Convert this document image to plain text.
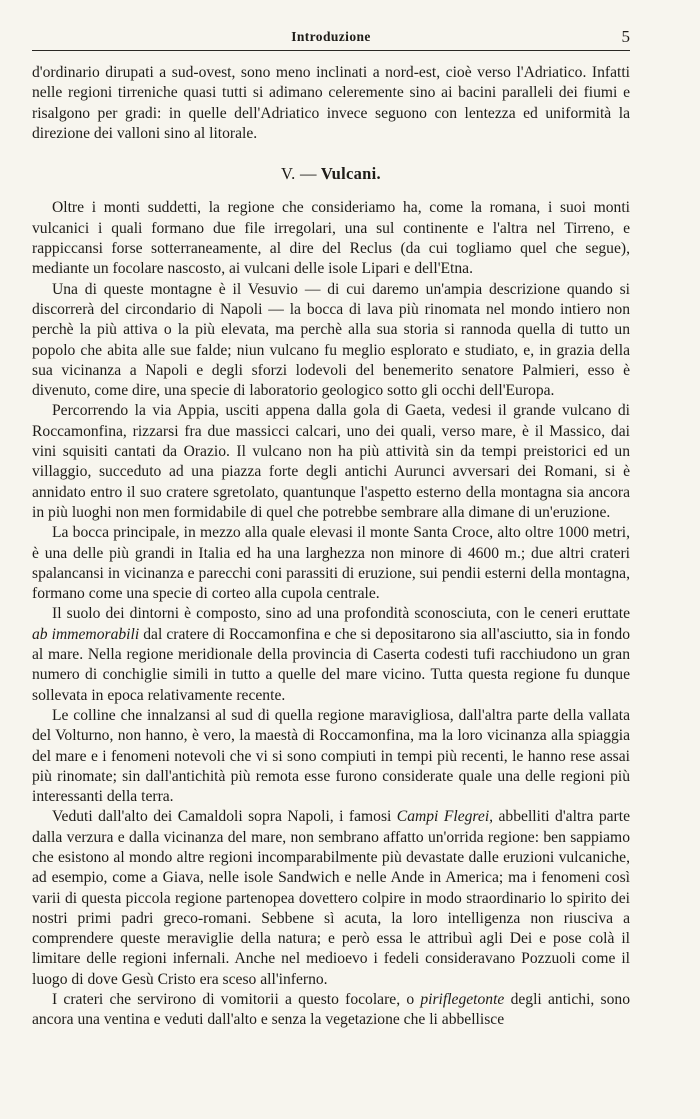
Introduzione	5

d'ordinario dirupati a sud-ovest, sono meno inclinati a nord-est, cioè verso l'Adriatico. Infatti nelle regioni tirreniche quasi tutti si adimano celeremente sino ai bacini paralleli dei fiumi e risalgono per gradi: in quelle dell'Adriatico invece seguono con lentezza ed uniformità la direzione dei valloni sino al litorale.

V. — Vulcani.

Oltre i monti suddetti, la regione che consideriamo ha, come la romana, i suoi monti vulcanici i quali formano due file irregolari, una sul continente e l'altra nel Tirreno, e rappiccansi forse sotterraneamente, al dire del Reclus (da cui togliamo quel che segue), mediante un focolare nascosto, ai vulcani delle isole Lipari e dell'Etna.

Una di queste montagne è il Vesuvio — di cui daremo un'ampia descrizione quando si discorrerà del circondario di Napoli — la bocca di lava più rinomata nel mondo intiero non perchè la più attiva o la più elevata, ma perchè alla sua storia si rannoda quella di tutto un popolo che abita alle sue falde; niun vulcano fu meglio esplorato e studiato, e, in grazia della sua vicinanza a Napoli e degli sforzi lodevoli del benemerito senatore Palmieri, esso è divenuto, come dire, una specie di laboratorio geologico sotto gli occhi dell'Europa.

Percorrendo la via Appia, usciti appena dalla gola di Gaeta, vedesi il grande vulcano di Roccamonfina, rizzarsi fra due massicci calcari, uno dei quali, verso mare, è il Massico, dai vini squisiti cantati da Orazio. Il vulcano non ha più attività sin da tempi preistorici ed un villaggio, succeduto ad una piazza forte degli antichi Aurunci avversari dei Romani, si è annidato entro il suo cratere sgretolato, quantunque l'aspetto esterno della montagna sia ancora in più luoghi non men formidabile di quel che potrebbe sembrare alla dimane di un'eruzione.

La bocca principale, in mezzo alla quale elevasi il monte Santa Croce, alto oltre 1000 metri, è una delle più grandi in Italia ed ha una larghezza non minore di 4600 m.; due altri crateri spalancansi in vicinanza e parecchi coni parassiti di eruzione, sui pendii esterni della montagna, formano come una specie di corteo alla cupola centrale.

Il suolo dei dintorni è composto, sino ad una profondità sconosciuta, con le ceneri eruttate ab immemorabili dal cratere di Roccamonfina e che si depositarono sia all'asciutto, sia in fondo al mare. Nella regione meridionale della provincia di Caserta codesti tufi racchiudono un gran numero di conchiglie simili in tutto a quelle del mare vicino. Tutta questa regione fu dunque sollevata in epoca relativamente recente.

Le colline che innalzansi al sud di quella regione maravigliosa, dall'altra parte della vallata del Volturno, non hanno, è vero, la maestà di Roccamonfina, ma la loro vicinanza alla spiaggia del mare e i fenomeni notevoli che vi si sono compiuti in tempi più recenti, le hanno rese assai più rinomate; sin dall'antichità più remota esse furono considerate quale una delle regioni più interessanti della terra.

Veduti dall'alto dei Camaldoli sopra Napoli, i famosi Campi Flegrei, abbelliti d'altra parte dalla verzura e dalla vicinanza del mare, non sembrano affatto un'orrida regione: ben sappiamo che esistono al mondo altre regioni incomparabilmente più devastate dalle eruzioni vulcaniche, ad esempio, come a Giava, nelle isole Sandwich e nelle Ande in America; ma i fenomeni così varii di questa piccola regione partenopea dovettero colpire in modo straordinario lo spirito dei nostri primi padri greco-romani. Sebbene sì acuta, la loro intelligenza non riusciva a comprendere queste meraviglie della natura; e però essa le attribuì agli Dei e pose colà il limitare delle regioni infernali. Anche nel medioevo i fedeli consideravano Pozzuoli come il luogo di dove Gesù Cristo era sceso all'inferno.

I crateri che servirono di vomitorii a questo focolare, o piriflegetonte degli antichi, sono ancora una ventina e veduti dall'alto e senza la vegetazione che li abbellisce
